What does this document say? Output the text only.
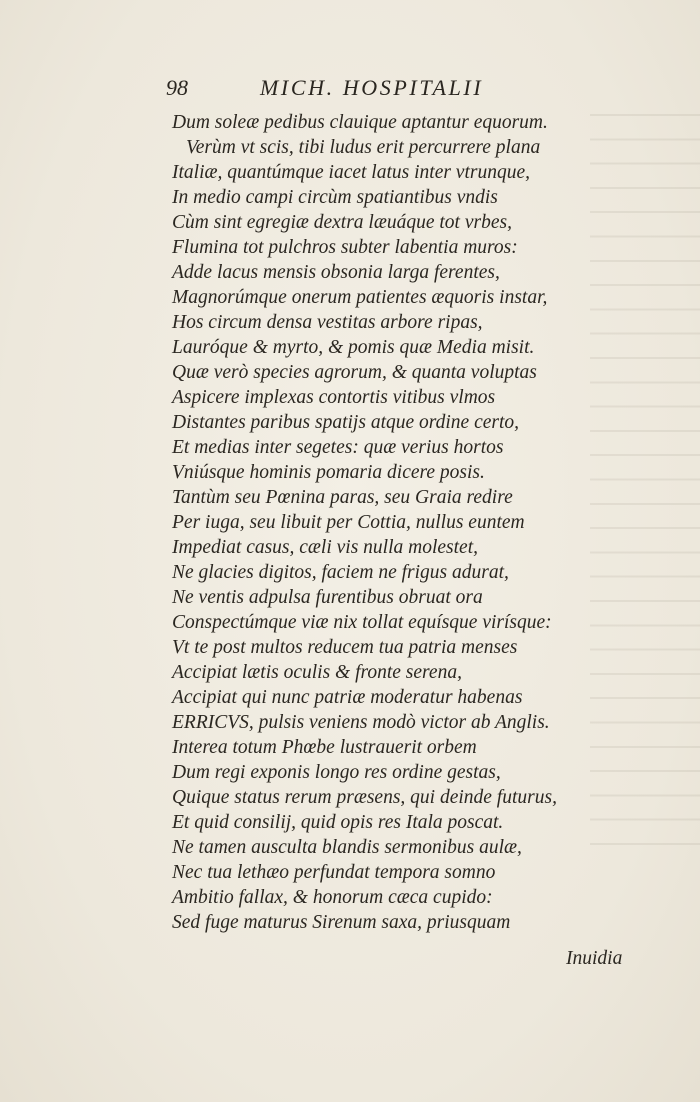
98	MICH. HOSPITALII
Dum soleæ pedibus clauique aptantur equorum.
Verùm vt scis, tibi ludus erit percurrere plana
Italiæ, quantúmque iacet latus inter vtrunque,
In medio campi circùm spatiantibus vndis
Cùm sint egregiæ dextra læuáque tot vrbes,
Flumina tot pulchros subter labentia muros:
Adde lacus mensis obsonia larga ferentes,
Magnorúmque onerum patientes æquoris instar,
Hos circum densa vestitas arbore ripas,
Lauróque & myrto, & pomis quæ Media misit.
Quæ verò species agrorum, & quanta voluptas
Aspicere implexas contortis vitibus vlmos
Distantes paribus spatijs atque ordine certo,
Et medias inter segetes: quæ verius hortos
Vniúsque hominis pomaria dicere posis.
Tantùm seu Pœnina paras, seu Graia redire
Per iuga, seu libuit per Cottia, nullus euntem
Impediat casus, cæli vis nulla molestet,
Ne glacies digitos, faciem ne frigus adurat,
Ne ventis adpulsa furentibus obruat ora
Conspectúmque viæ nix tollat equísque virísque:
Vt te post multos reducem tua patria menses
Accipiat lætis oculis & fronte serena,
Accipiat qui nunc patriæ moderatur habenas
ERRICVS, pulsis veniens modò victor ab Anglis.
Interea totum Phœbe lustrauerit orbem
Dum regi exponis longo res ordine gestas,
Quique status rerum præsens, qui deinde futurus,
Et quid consilij, quid opis res Itala poscat.
Ne tamen ausculta blandis sermonibus aulæ,
Nec tua lethæo perfundat tempora somno
Ambitio fallax, & honorum cæca cupido:
Sed fuge maturus Sirenum saxa, priusquam
Inuidia
